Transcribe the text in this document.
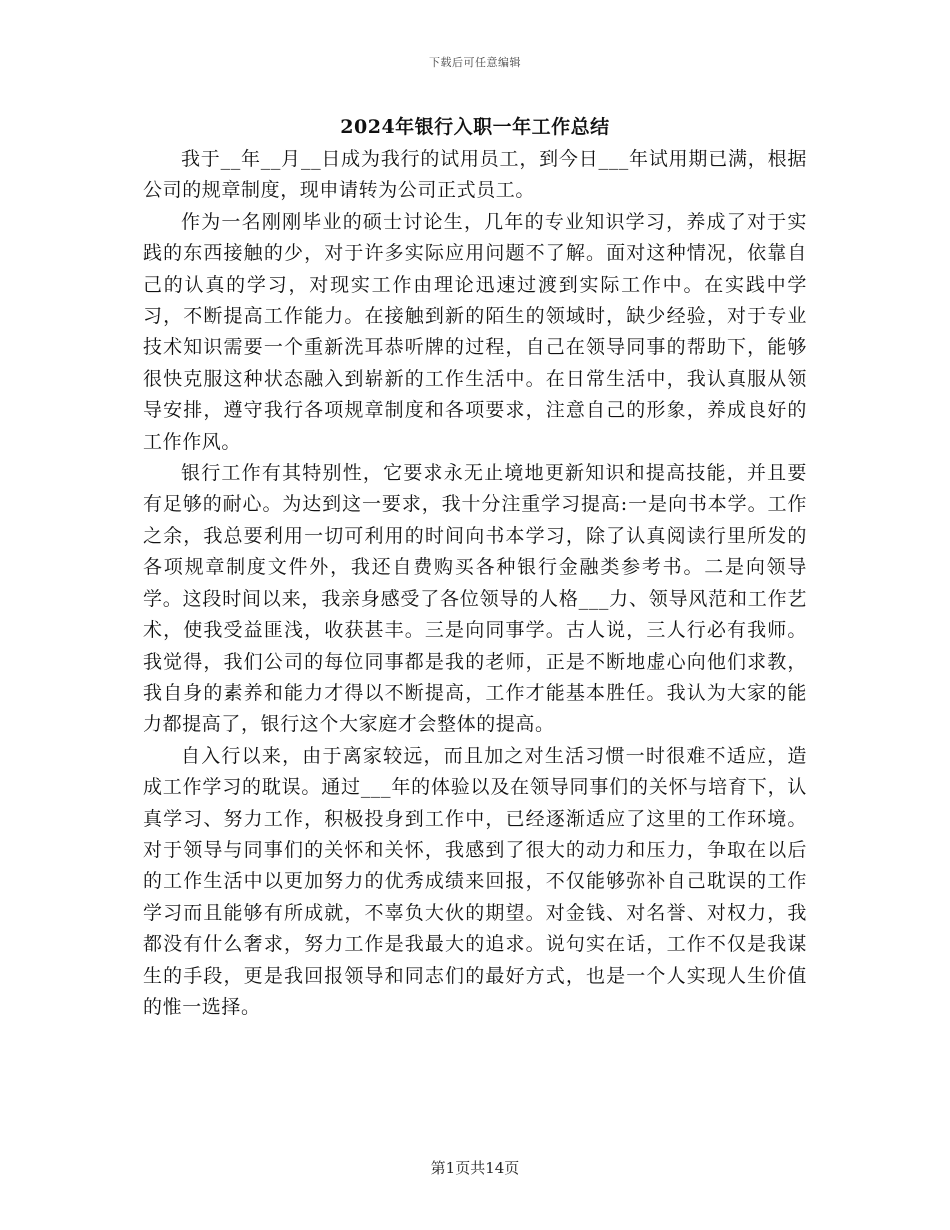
下载后可任意编辑
2024年银行入职一年工作总结

我于__年__月__日成为我行的试用员工，到今日___年试用期已满，根据公司的规章制度，现申请转为公司正式员工。

作为一名刚刚毕业的硕士讨论生，几年的专业知识学习，养成了对于实践的东西接触的少，对于许多实际应用问题不了解。面对这种情况，依靠自己的认真的学习，对现实工作由理论迅速过渡到实际工作中。在实践中学习，不断提高工作能力。在接触到新的陌生的领域时，缺少经验，对于专业技术知识需要一个重新洗耳恭听牌的过程，自己在领导同事的帮助下，能够很快克服这种状态融入到崭新的工作生活中。在日常生活中，我认真服从领导安排，遵守我行各项规章制度和各项要求，注意自己的形象，养成良好的工作作风。

银行工作有其特别性，它要求永无止境地更新知识和提高技能，并且要有足够的耐心。为达到这一要求，我十分注重学习提高:一是向书本学。工作之余，我总要利用一切可利用的时间向书本学习，除了认真阅读行里所发的各项规章制度文件外，我还自费购买各种银行金融类参考书。二是向领导学。这段时间以来，我亲身感受了各位领导的人格___力、领导风范和工作艺术，使我受益匪浅，收获甚丰。三是向同事学。古人说，三人行必有我师。我觉得，我们公司的每位同事都是我的老师，正是不断地虚心向他们求教，我自身的素养和能力才得以不断提高，工作才能基本胜任。我认为大家的能力都提高了，银行这个大家庭才会整体的提高。

自入行以来，由于离家较远，而且加之对生活习惯一时很难不适应，造成工作学习的耽误。通过___年的体验以及在领导同事们的关怀与培育下，认真学习、努力工作，积极投身到工作中，已经逐渐适应了这里的工作环境。对于领导与同事们的关怀和关怀，我感到了很大的动力和压力，争取在以后的工作生活中以更加努力的优秀成绩来回报，不仅能够弥补自己耽误的工作学习而且能够有所成就，不辜负大伙的期望。对金钱、对名誉、对权力，我都没有什么奢求，努力工作是我最大的追求。说句实在话，工作不仅是我谋生的手段，更是我回报领导和同志们的最好方式，也是一个人实现人生价值的惟一选择。

第1页共14页
